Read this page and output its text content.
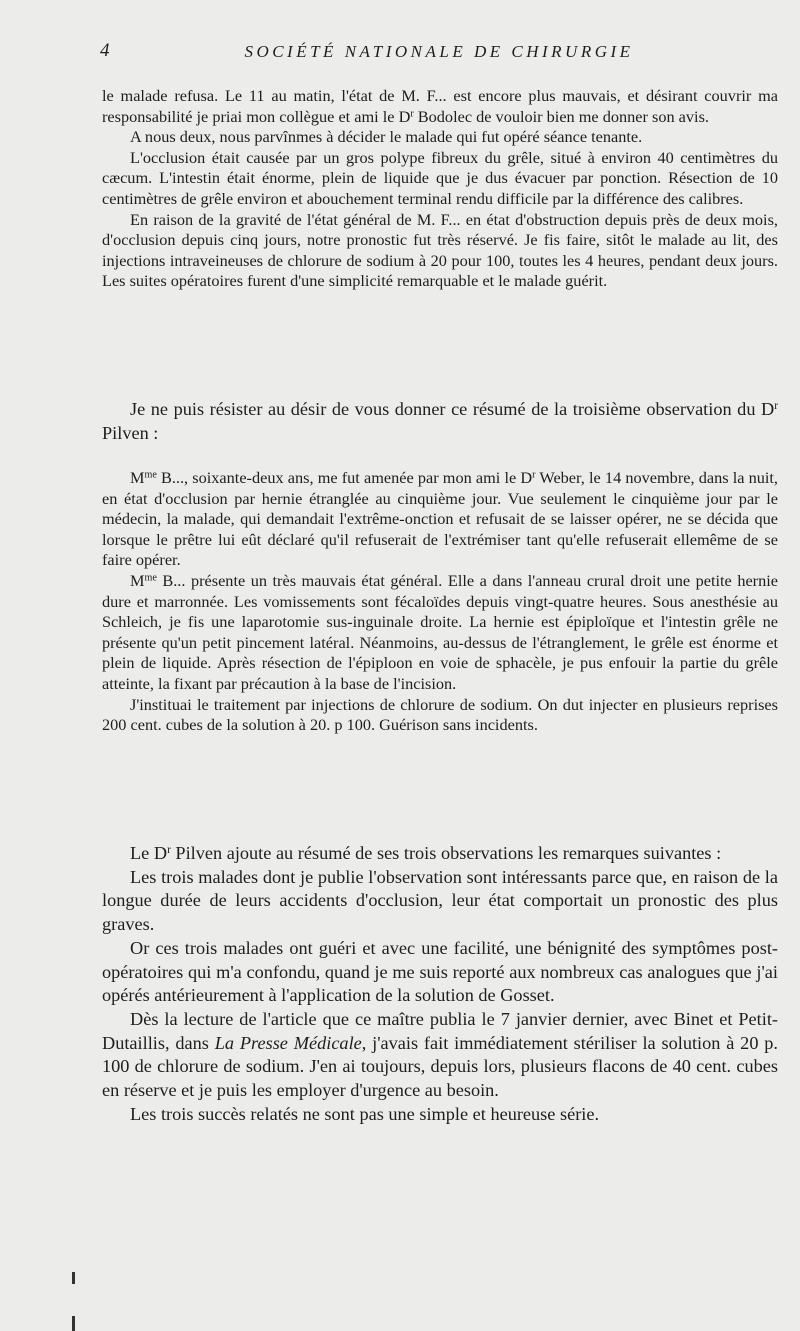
4	SOCIÉTÉ NATIONALE DE CHIRURGIE

le malade refusa. Le 11 au matin, l'état de M. F... est encore plus mauvais, et désirant couvrir ma responsabilité je priai mon collègue et ami le $D^r$ Bodolec de vouloir bien me donner son avis.

A nous deux, nous parvînmes à décider le malade qui fut opéré séance tenante.

L'occlusion était causée par un gros polype fibreux du grêle, situé à environ 40 centimètres du cæcum. L'intestin était énorme, plein de liquide que je dus évacuer par ponction. Résection de 10 centimètres de grêle environ et abouchement terminal rendu difficile par la différence des calibres.

En raison de la gravité de l'état général de M. F... en état d'obstruction depuis près de deux mois, d'occlusion depuis cinq jours, notre pronostic fut très réservé. Je fis faire, sitôt le malade au lit, des injections intraveineuses de chlorure de sodium à 20 pour 100, toutes les 4 heures, pendant deux jours. Les suites opératoires furent d'une simplicité remarquable et le malade guérit.

Je ne puis résister au désir de vous donner ce résumé de la troisième observation du $D^r$ Pilven :

$M^{me}$ B..., soixante-deux ans, me fut amenée par mon ami le $D^r$ Weber, le 14 novembre, dans la nuit, en état d'occlusion par hernie étranglée au cinquième jour. Vue seulement le cinquième jour par le médecin, la malade, qui demandait l'extrême-onction et refusait de se laisser opérer, ne se décida que lorsque le prêtre lui eût déclaré qu'il refuserait de l'extrémiser tant qu'elle refuserait ellemême de se faire opérer.

$M^{me}$ B... présente un très mauvais état général. Elle a dans l'anneau crural droit une petite hernie dure et marronnée. Les vomissements sont fécaloïdes depuis vingt-quatre heures. Sous anesthésie au Schleich, je fis une laparotomie sus-inguinale droite. La hernie est épiploïque et l'intestin grêle ne présente qu'un petit pincement latéral. Néanmoins, au-dessus de l'étranglement, le grêle est énorme et plein de liquide. Après résection de l'épiploon en voie de sphacèle, je pus enfouir la partie du grêle atteinte, la fixant par précaution à la base de l'incision.

J'instituai le traitement par injections de chlorure de sodium. On dut injecter en plusieurs reprises 200 cent. cubes de la solution à 20. p 100. Guérison sans incidents.

Le $D^r$ Pilven ajoute au résumé de ses trois observations les remarques suivantes :

Les trois malades dont je publie l'observation sont intéressants parce que, en raison de la longue durée de leurs accidents d'occlusion, leur état comportait un pronostic des plus graves.

Or ces trois malades ont guéri et avec une facilité, une bénignité des symptômes post-opératoires qui m'a confondu, quand je me suis reporté aux nombreux cas analogues que j'ai opérés antérieurement à l'application de la solution de Gosset.

Dès la lecture de l'article que ce maître publia le 7 janvier dernier, avec Binet et Petit-Dutaillis, dans La Presse Médicale, j'avais fait immédiatement stériliser la solution à 20 p. 100 de chlorure de sodium. J'en ai toujours, depuis lors, plusieurs flacons de 40 cent. cubes en réserve et je puis les employer d'urgence au besoin.

Les trois succès relatés ne sont pas une simple et heureuse série.
